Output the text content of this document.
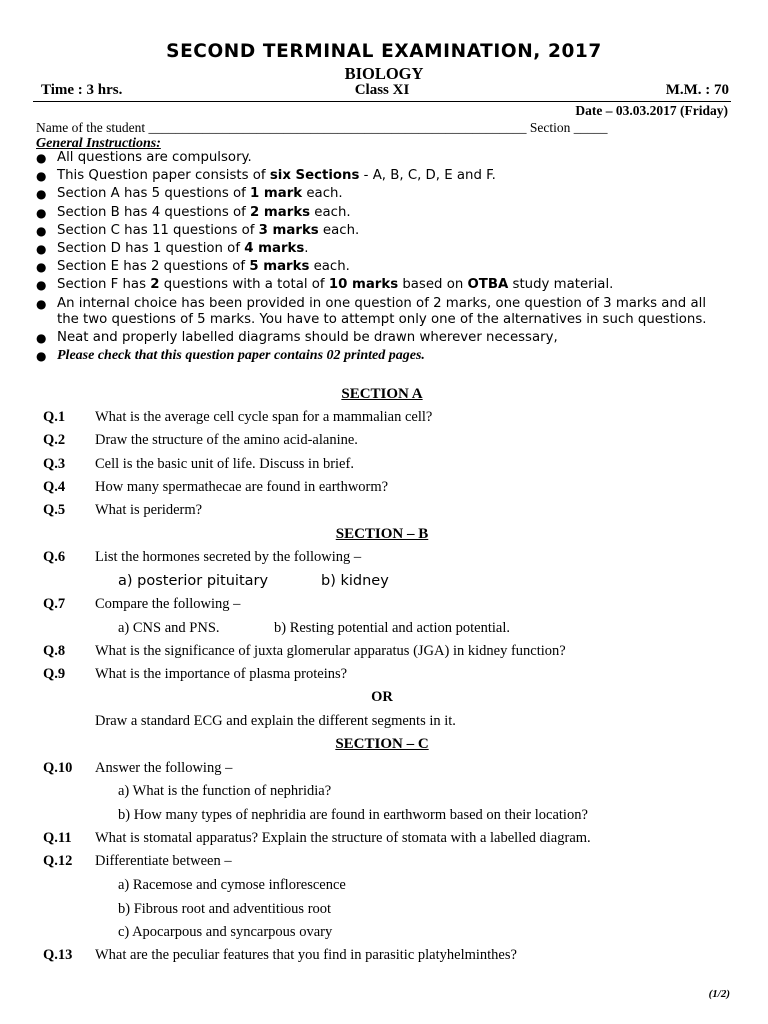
SECOND TERMINAL EXAMINATION, 2017
BIOLOGY
Time : 3 hrs.	Class XI	M.M. : 70
Date – 03.03.2017 (Friday)
Name of the student ________________________________________________________ Section _____
General Instructions:
● All questions are compulsory.
● This Question paper consists of six Sections - A, B, C, D, E and F.
● Section A has 5 questions of 1 mark each.
● Section B has 4 questions of 2 marks each.
● Section C has 11 questions of 3 marks each.
● Section D has 1 question of 4 marks.
● Section E has 2 questions of 5 marks each.
● Section F has 2 questions with a total of 10 marks based on OTBA study material.
● An internal choice has been provided in one question of 2 marks, one question of 3 marks and all the two questions of 5 marks. You have to attempt only one of the alternatives in such questions.
● Neat and properly labelled diagrams should be drawn wherever necessary,
● Please check that this question paper contains 02 printed pages.
SECTION A
Q.1 What is the average cell cycle span for a mammalian cell?
Q.2 Draw the structure of the amino acid-alanine.
Q.3 Cell is the basic unit of life. Discuss in brief.
Q.4 How many spermathecae are found in earthworm?
Q.5 What is periderm?
SECTION – B
Q.6 List the hormones secreted by the following –
a) posterior pituitary	b) kidney
Q.7 Compare the following –
a) CNS and PNS.	b) Resting potential and action potential.
Q.8 What is the significance of juxta glomerular apparatus (JGA) in kidney function?
Q.9 What is the importance of plasma proteins?
OR
Draw a standard ECG and explain the different segments in it.
SECTION – C
Q.10 Answer the following –
a) What is the function of nephridia?
b) How many types of nephridia are found in earthworm based on their location?
Q.11 What is stomatal apparatus? Explain the structure of stomata with a labelled diagram.
Q.12 Differentiate between –
a) Racemose and cymose inflorescence
b) Fibrous root and adventitious root
c) Apocarpous and syncarpous ovary
Q.13 What are the peculiar features that you find in parasitic platyhelminthes?
(1/2)
